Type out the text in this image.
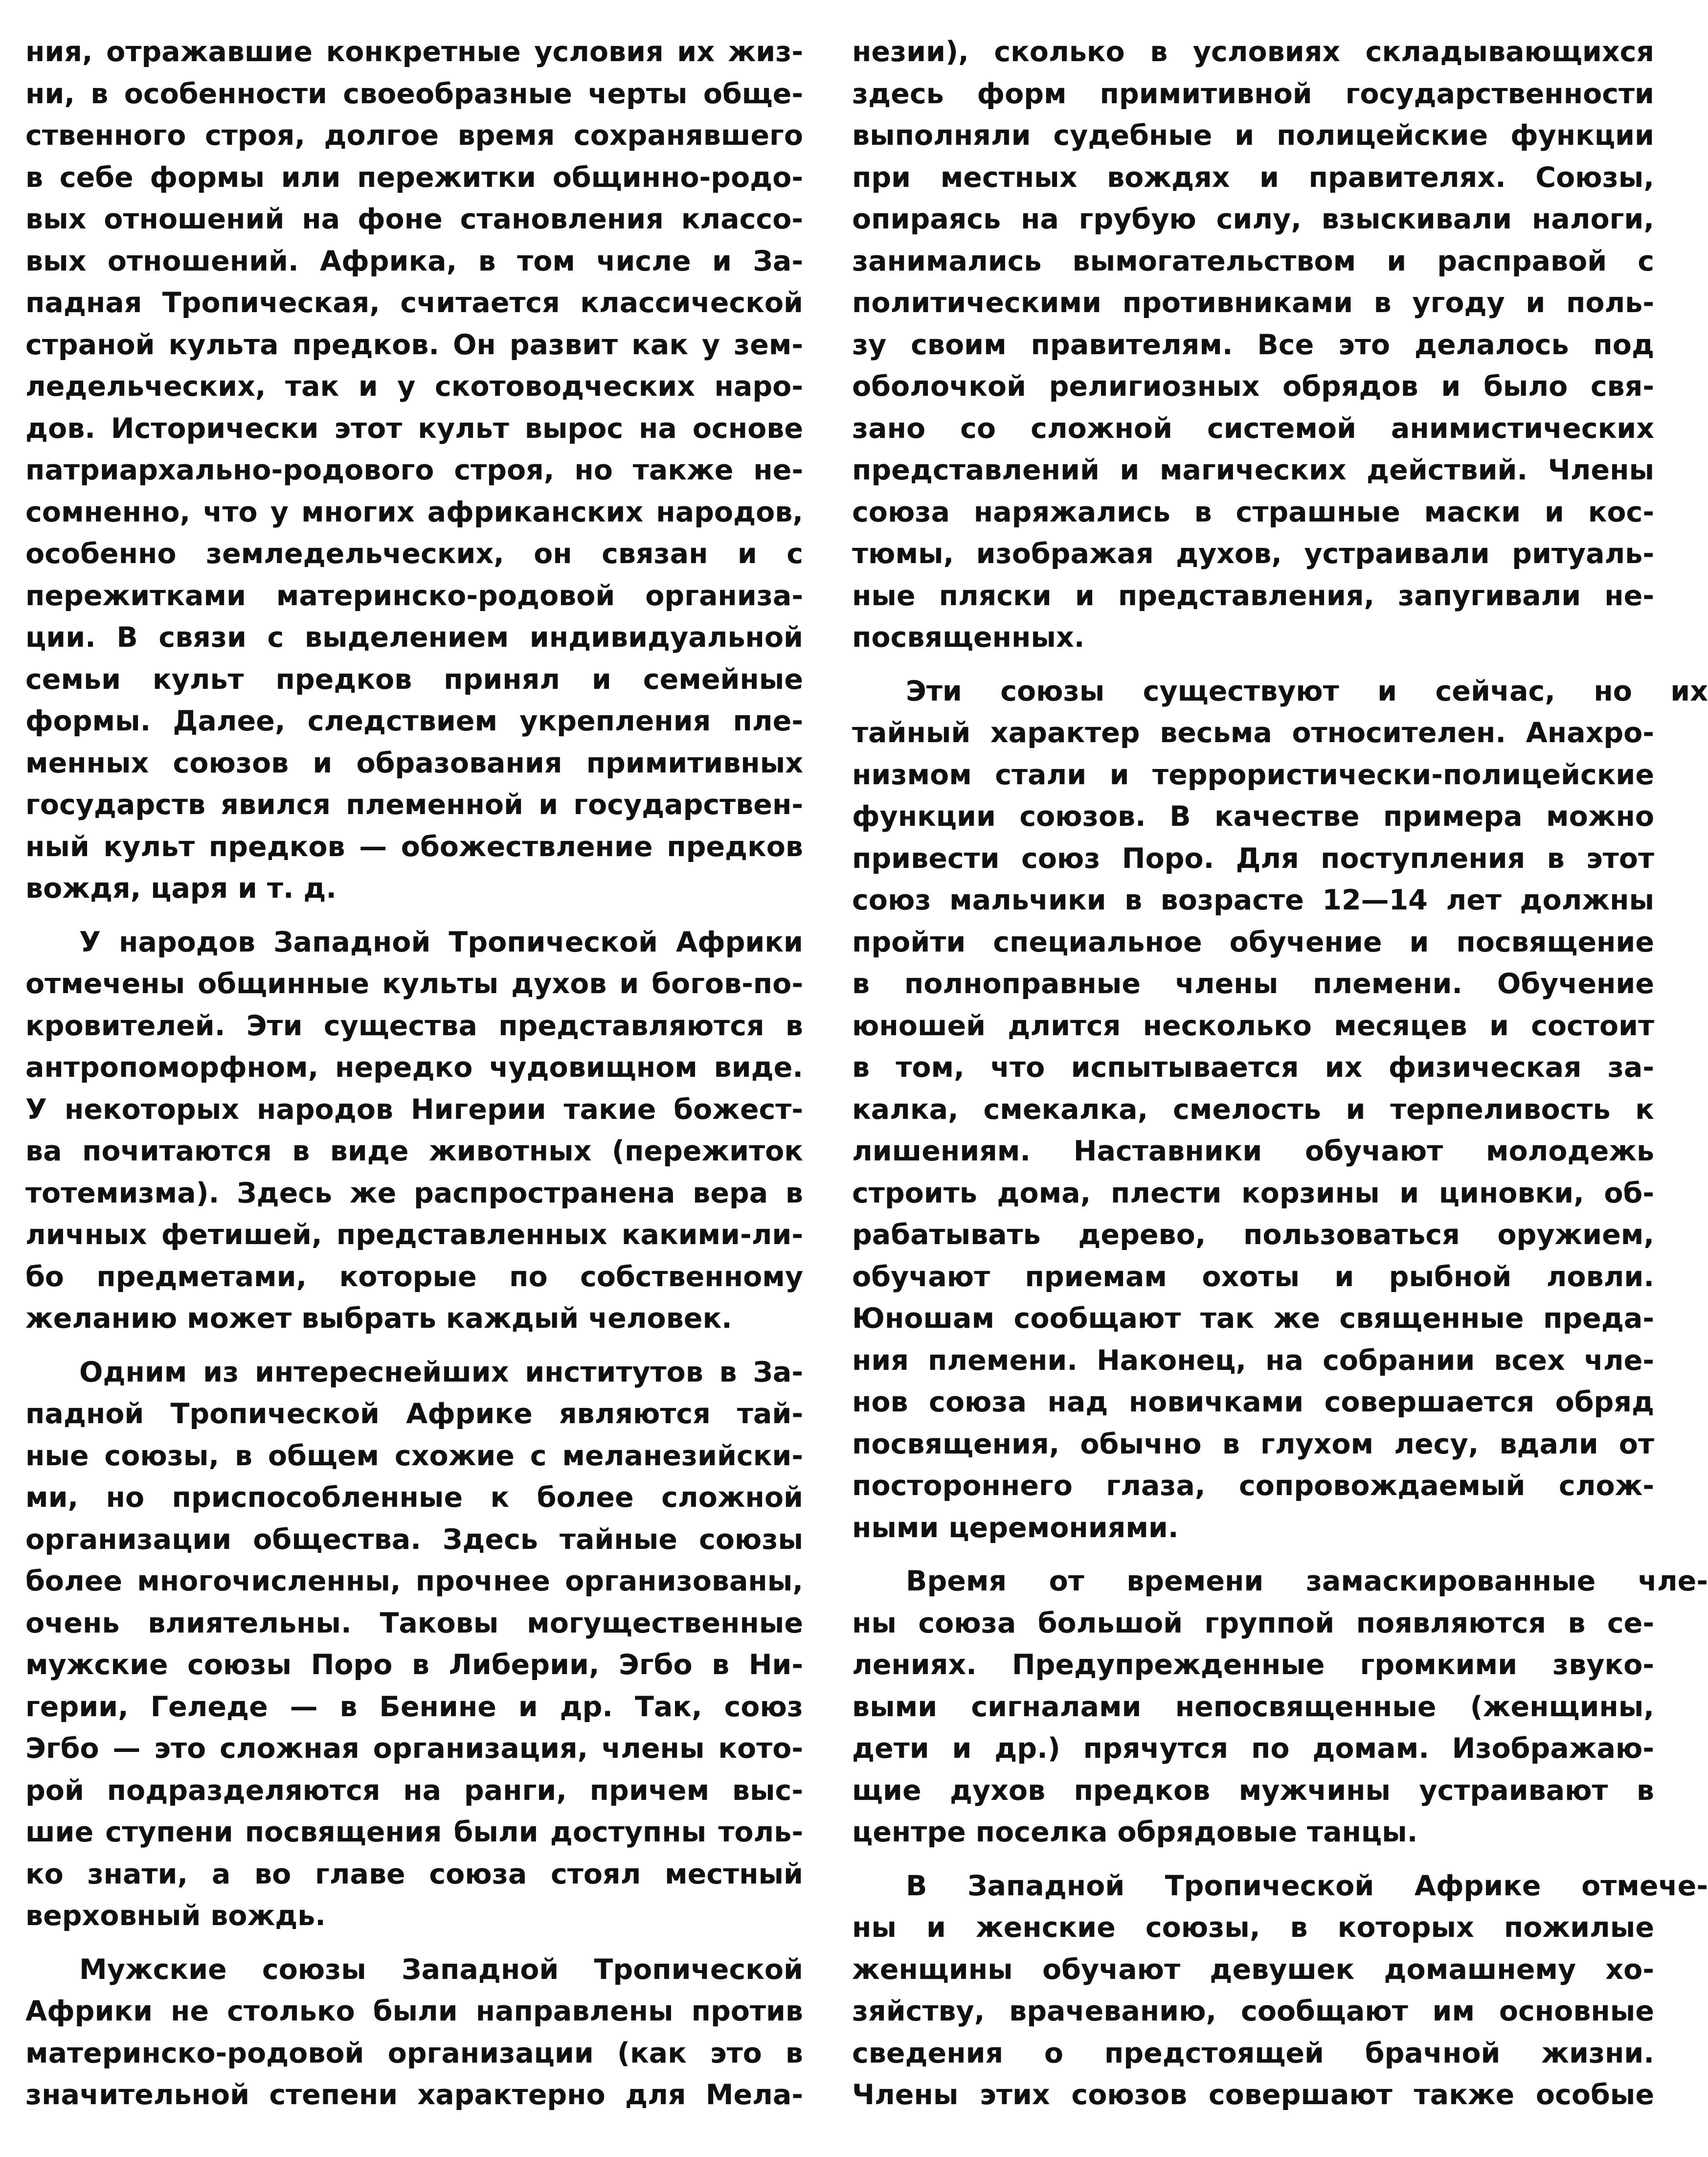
ния, отражавшие конкретные условия их жиз-
ни, в особенности своеобразные черты обще-
ственного строя, долгое время сохранявшего
в себе формы или пережитки общинно-родо-
вых отношений на фоне становления классо-
вых отношений. Африка, в том числе и За-
падная Тропическая, считается классической
страной культа предков. Он развит как у зем-
ледельческих, так и у скотоводческих наро-
дов. Исторически этот культ вырос на основе
патриархально-родового строя, но также не-
сомненно, что у многих африканских народов,
особенно земледельческих, он связан и с
пережитками материнско-родовой организа-
ции. В связи с выделением индивидуальной
семьи культ предков принял и семейные
формы. Далее, следствием укрепления пле-
менных союзов и образования примитивных
государств явился племенной и государствен-
ный культ предков — обожествление предков
вождя, царя и т. д.
У народов Западной Тропической Африки
отмечены общинные культы духов и богов-по-
кровителей. Эти существа представляются в
антропоморфном, нередко чудовищном виде.
У некоторых народов Нигерии такие божест-
ва почитаются в виде животных (пережиток
тотемизма). Здесь же распространена вера в
личных фетишей, представленных какими-ли-
бо предметами, которые по собственному
желанию может выбрать каждый человек.
Одним из интереснейших институтов в За-
падной Тропической Африке являются тай-
ные союзы, в общем схожие с меланезийски-
ми, но приспособленные к более сложной
организации общества. Здесь тайные союзы
более многочисленны, прочнее организованы,
очень влиятельны. Таковы могущественные
мужские союзы Поро в Либерии, Эгбо в Ни-
герии, Геледе — в Бенине и др. Так, союз
Эгбо — это сложная организация, члены кото-
рой подразделяются на ранги, причем выс-
шие ступени посвящения были доступны толь-
ко знати, а во главе союза стоял местный
верховный вождь.
Мужские союзы Западной Тропической
Африки не столько были направлены против
материнско-родовой организации (как это в
значительной степени характерно для Мела-
незии), сколько в условиях складывающихся
здесь форм примитивной государственности
выполняли судебные и полицейские функции
при местных вождях и правителях. Союзы,
опираясь на грубую силу, взыскивали налоги,
занимались вымогательством и расправой с
политическими противниками в угоду и поль-
зу своим правителям. Все это делалось под
оболочкой религиозных обрядов и было свя-
зано со сложной системой анимистических
представлений и магических действий. Члены
союза наряжались в страшные маски и кос-
тюмы, изображая духов, устраивали ритуаль-
ные пляски и представления, запугивали не-
посвященных.
Эти союзы существуют и сейчас, но их
тайный характер весьма относителен. Анахро-
низмом стали и террористически-полицейские
функции союзов. В качестве примера можно
привести союз Поро. Для поступления в этот
союз мальчики в возрасте 12—14 лет должны
пройти специальное обучение и посвящение
в полноправные члены племени. Обучение
юношей длится несколько месяцев и состоит
в том, что испытывается их физическая за-
калка, смекалка, смелость и терпеливость к
лишениям. Наставники обучают молодежь
строить дома, плести корзины и циновки, об-
рабатывать дерево, пользоваться оружием,
обучают приемам охоты и рыбной ловли.
Юношам сообщают так же священные преда-
ния племени. Наконец, на собрании всех чле-
нов союза над новичками совершается обряд
посвящения, обычно в глухом лесу, вдали от
постороннего глаза, сопровождаемый слож-
ными церемониями.
Время от времени замаскированные чле-
ны союза большой группой появляются в се-
лениях. Предупрежденные громкими звуко-
выми сигналами непосвященные (женщины,
дети и др.) прячутся по домам. Изображаю-
щие духов предков мужчины устраивают в
центре поселка обрядовые танцы.
В Западной Тропической Африке отмече-
ны и женские союзы, в которых пожилые
женщины обучают девушек домашнему хо-
зяйству, врачеванию, сообщают им основные
сведения о предстоящей брачной жизни.
Члены этих союзов совершают также особые
